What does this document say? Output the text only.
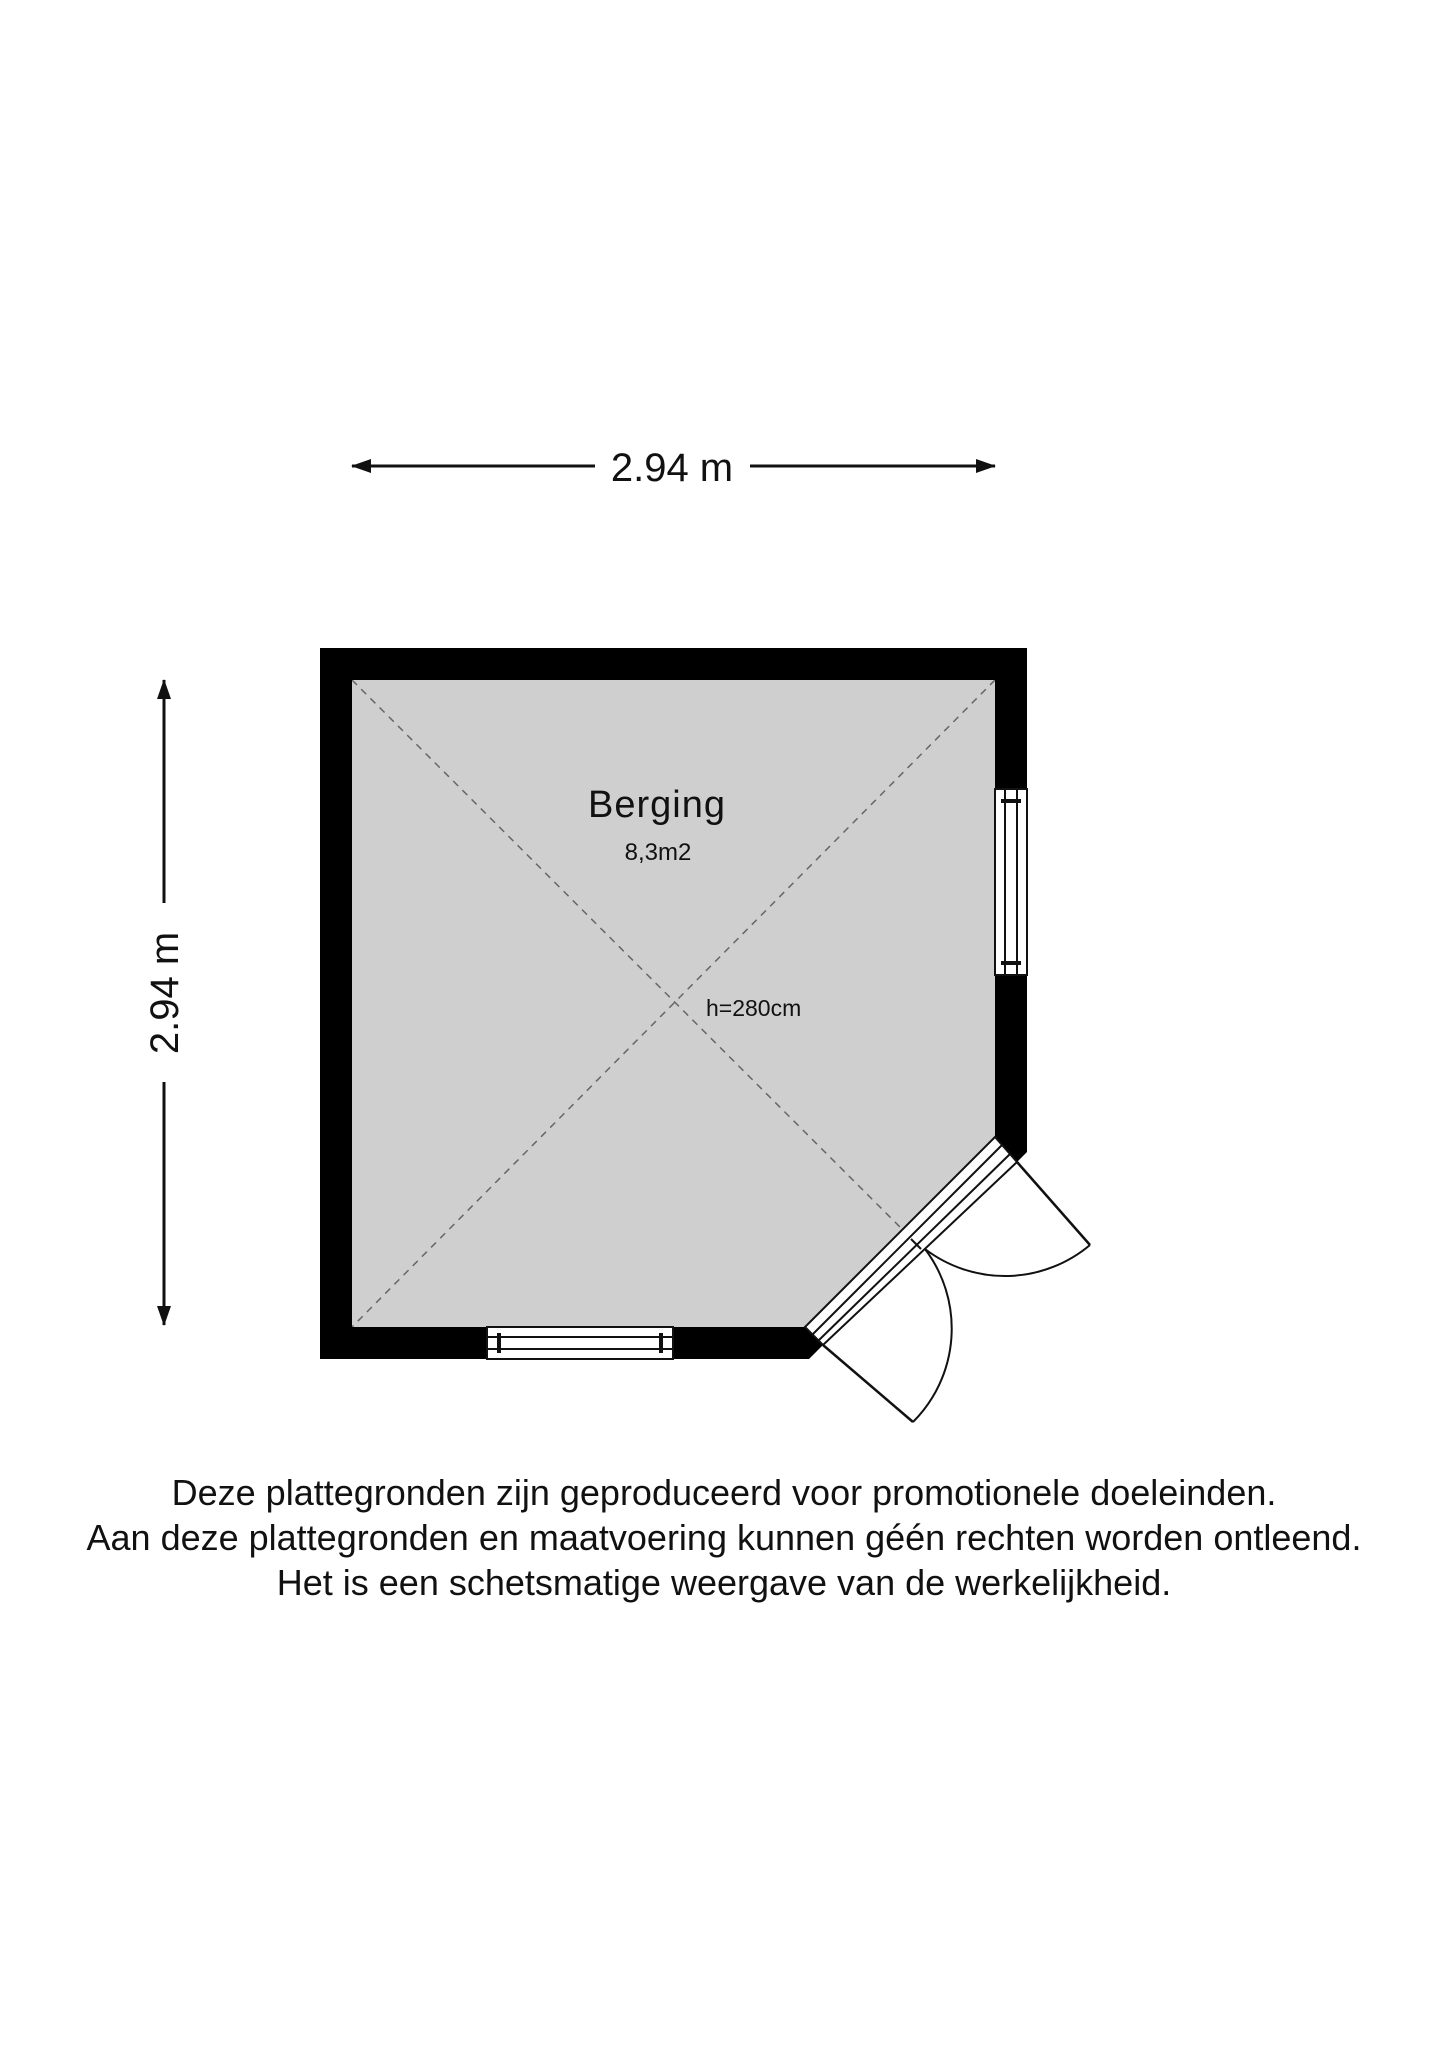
2.94 m
2.94 m
Berging
8,3m2
h=280cm
Deze plattegronden zijn geproduceerd voor promotionele doeleinden.
Aan deze plattegronden en maatvoering kunnen géén rechten worden ontleend.
Het is een schetsmatige weergave van de werkelijkheid.
